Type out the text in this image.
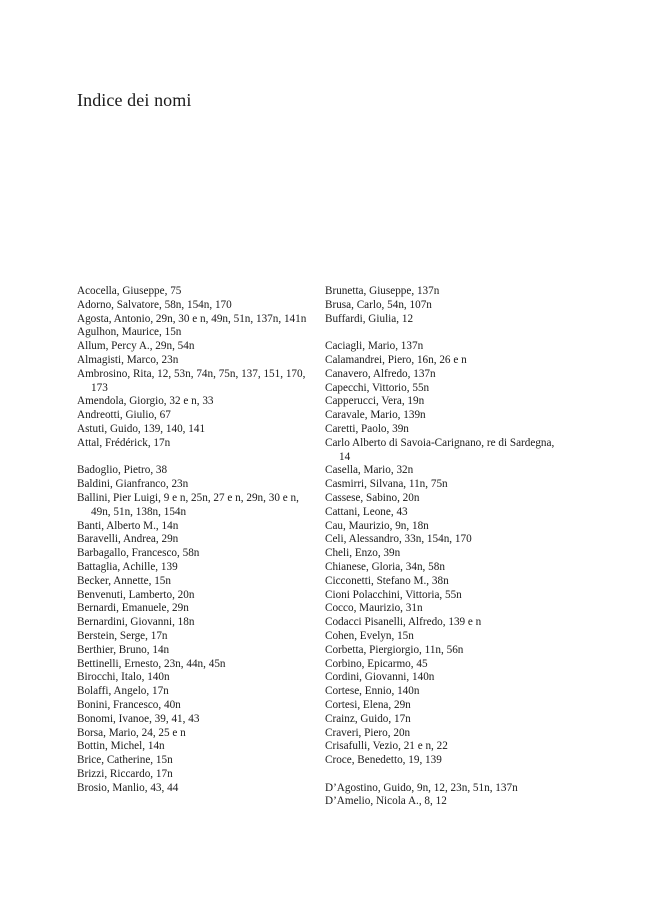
Indice dei nomi
Acocella, Giuseppe, 75
Adorno, Salvatore, 58n, 154n, 170
Agosta, Antonio, 29n, 30 e n, 49n, 51n, 137n, 141n
Agulhon, Maurice, 15n
Allum, Percy A., 29n, 54n
Almagisti, Marco, 23n
Ambrosino, Rita, 12, 53n, 74n, 75n, 137, 151, 170, 173
Amendola, Giorgio, 32 e n, 33
Andreotti, Giulio, 67
Astuti, Guido, 139, 140, 141
Attal, Frédérick, 17n
Badoglio, Pietro, 38
Baldini, Gianfranco, 23n
Ballini, Pier Luigi, 9 e n, 25n, 27 e n, 29n, 30 e n, 49n, 51n, 138n, 154n
Banti, Alberto M., 14n
Baravelli, Andrea, 29n
Barbagallo, Francesco, 58n
Battaglia, Achille, 139
Becker, Annette, 15n
Benvenuti, Lamberto, 20n
Bernardi, Emanuele, 29n
Bernardini, Giovanni, 18n
Berstein, Serge, 17n
Berthier, Bruno, 14n
Bettinelli, Ernesto, 23n, 44n, 45n
Birocchi, Italo, 140n
Bolaffi, Angelo, 17n
Bonini, Francesco, 40n
Bonomi, Ivanoe, 39, 41, 43
Borsa, Mario, 24, 25 e n
Bottin, Michel, 14n
Brice, Catherine, 15n
Brizzi, Riccardo, 17n
Brosio, Manlio, 43, 44
Brunetta, Giuseppe, 137n
Brusa, Carlo, 54n, 107n
Buffardi, Giulia, 12
Caciagli, Mario, 137n
Calamandrei, Piero, 16n, 26 e n
Canavero, Alfredo, 137n
Capecchi, Vittorio, 55n
Capperucci, Vera, 19n
Caravale, Mario, 139n
Caretti, Paolo, 39n
Carlo Alberto di Savoia-Carignano, re di Sardegna, 14
Casella, Mario, 32n
Casmirri, Silvana, 11n, 75n
Cassese, Sabino, 20n
Cattani, Leone, 43
Cau, Maurizio, 9n, 18n
Celi, Alessandro, 33n, 154n, 170
Cheli, Enzo, 39n
Chianese, Gloria, 34n, 58n
Cicconetti, Stefano M., 38n
Cioni Polacchini, Vittoria, 55n
Cocco, Maurizio, 31n
Codacci Pisanelli, Alfredo, 139 e n
Cohen, Evelyn, 15n
Corbetta, Piergiorgio, 11n, 56n
Corbino, Epicarmo, 45
Cordini, Giovanni, 140n
Cortese, Ennio, 140n
Cortesi, Elena, 29n
Crainz, Guido, 17n
Craveri, Piero, 20n
Crisafulli, Vezio, 21 e n, 22
Croce, Benedetto, 19, 139
D’Agostino, Guido, 9n, 12, 23n, 51n, 137n
D’Amelio, Nicola A., 8, 12
